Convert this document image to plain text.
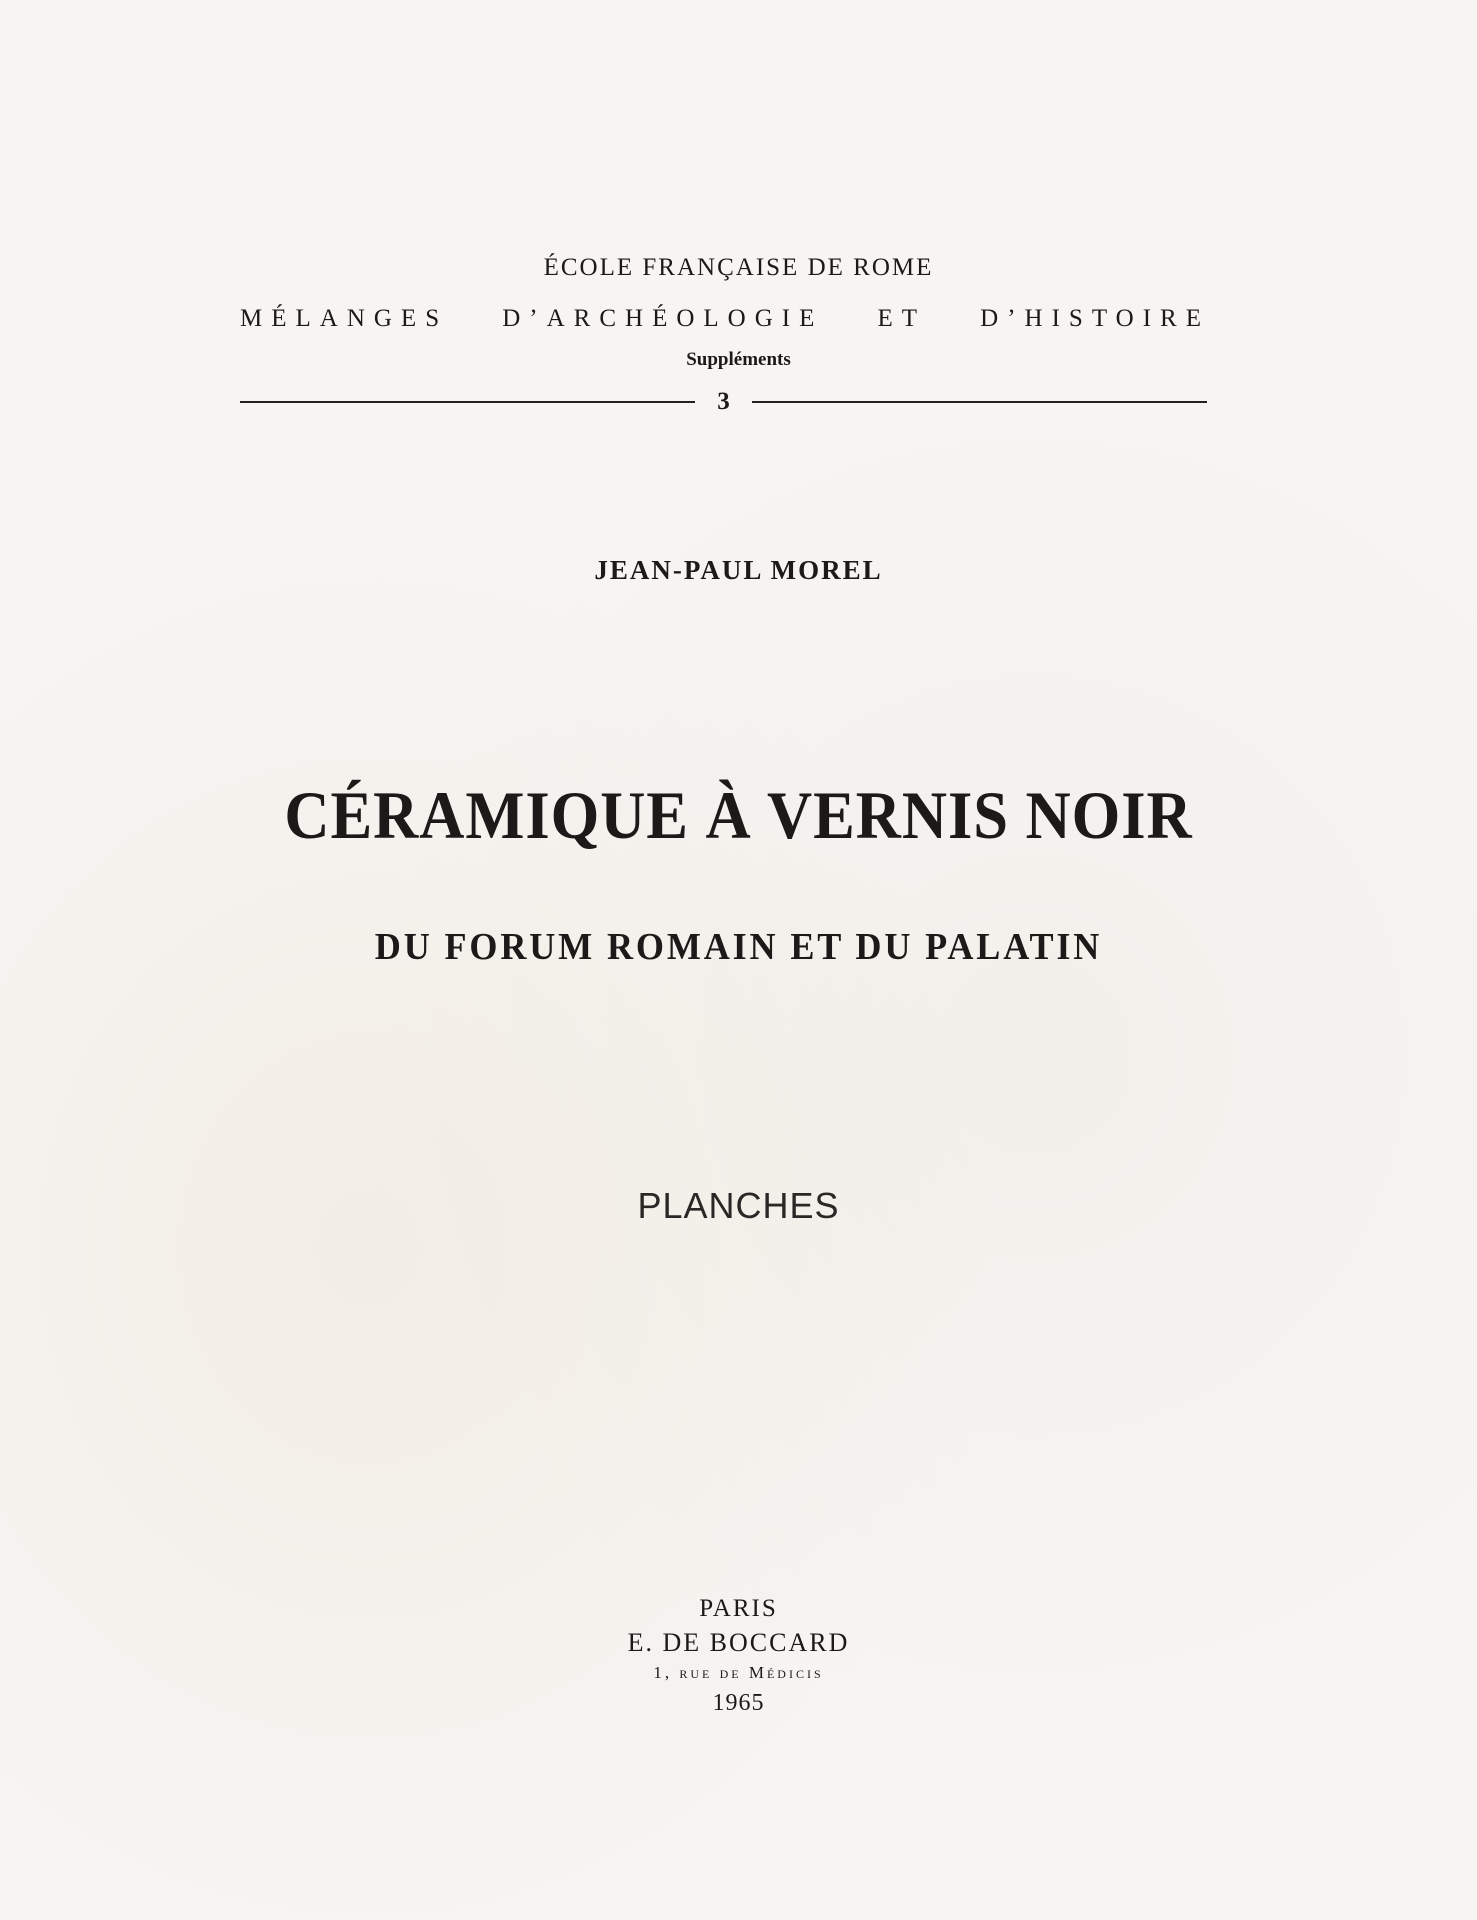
ÉCOLE FRANÇAISE DE ROME

MÉLANGES D’ARCHÉOLOGIE ET D’HISTOIRE

Suppléments

3

JEAN-PAUL MOREL

CÉRAMIQUE À VERNIS NOIR

DU FORUM ROMAIN ET DU PALATIN

PLANCHES

PARIS

E. DE BOCCARD

1, rue de Médicis

1965
